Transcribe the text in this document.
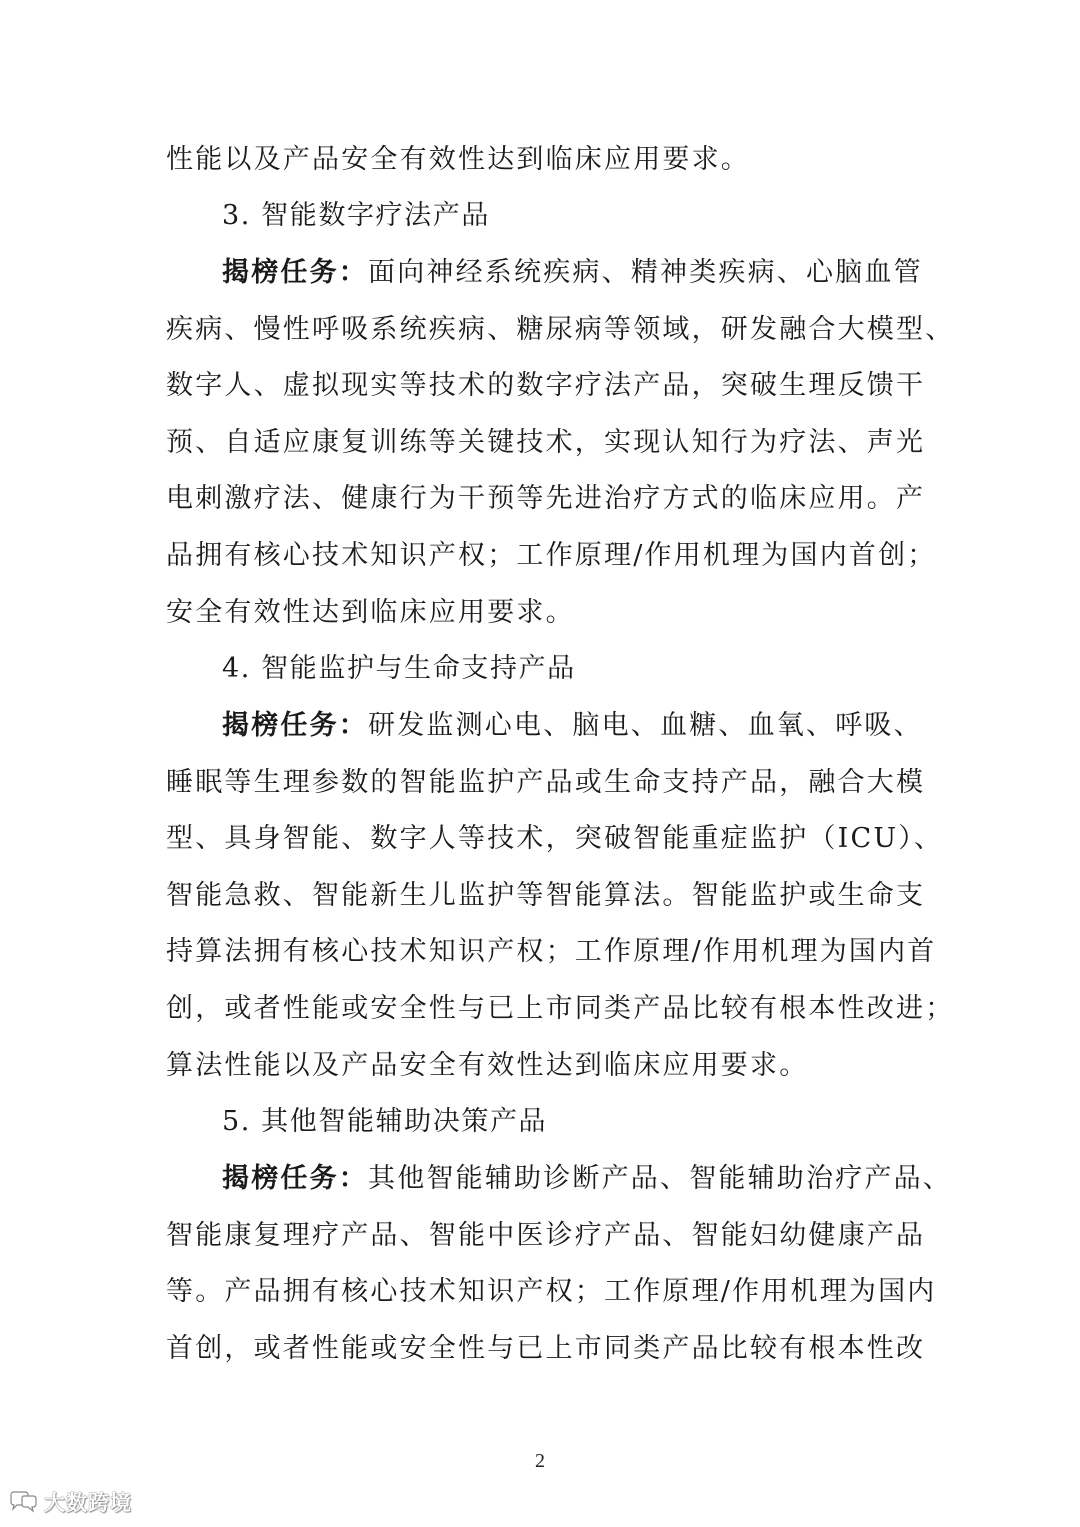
性能以及产品安全有效性达到临床应用要求。
3. 智能数字疗法产品
揭榜任务：面向神经系统疾病、精神类疾病、心脑血管
疾病、慢性呼吸系统疾病、糖尿病等领域，研发融合大模型、
数字人、虚拟现实等技术的数字疗法产品，突破生理反馈干
预、自适应康复训练等关键技术，实现认知行为疗法、声光
电刺激疗法、健康行为干预等先进治疗方式的临床应用。产
品拥有核心技术知识产权；工作原理/作用机理为国内首创；
安全有效性达到临床应用要求。
4. 智能监护与生命支持产品
揭榜任务：研发监测心电、脑电、血糖、血氧、呼吸、
睡眠等生理参数的智能监护产品或生命支持产品，融合大模
型、具身智能、数字人等技术，突破智能重症监护（ICU）、
智能急救、智能新生儿监护等智能算法。智能监护或生命支
持算法拥有核心技术知识产权；工作原理/作用机理为国内首
创，或者性能或安全性与已上市同类产品比较有根本性改进；
算法性能以及产品安全有效性达到临床应用要求。
5. 其他智能辅助决策产品
揭榜任务：其他智能辅助诊断产品、智能辅助治疗产品、
智能康复理疗产品、智能中医诊疗产品、智能妇幼健康产品
等。产品拥有核心技术知识产权；工作原理/作用机理为国内
首创，或者性能或安全性与已上市同类产品比较有根本性改
2
大数跨境
